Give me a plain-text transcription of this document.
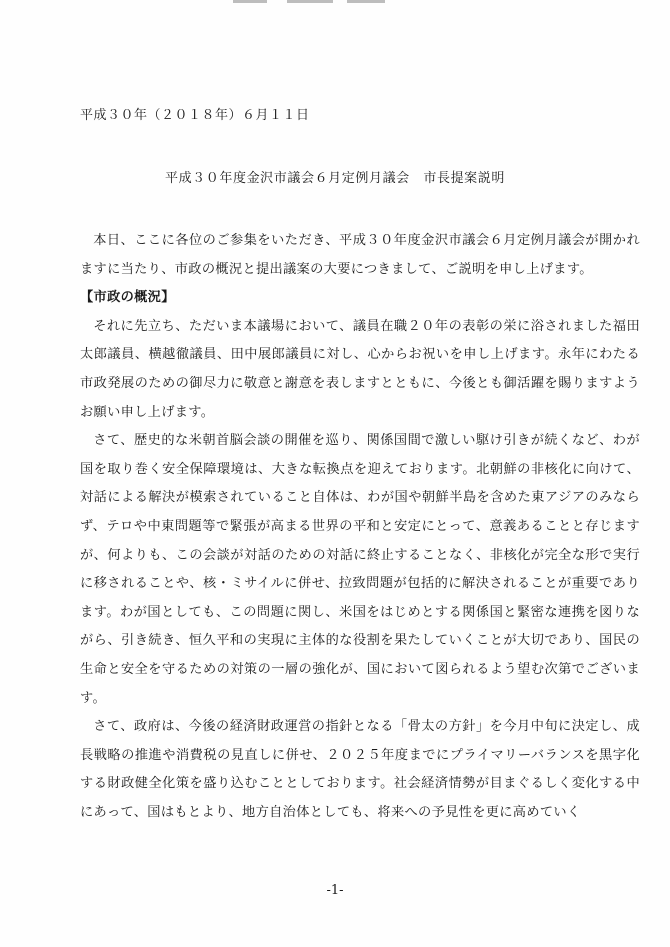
平成３０年（２０１８年）６月１１日
平成３０年度金沢市議会６月定例月議会　市長提案説明

本日、ここに各位のご参集をいただき、平成３０年度金沢市議会６月定例月議会が開かれますに当たり、市政の概況と提出議案の大要につきまして、ご説明を申し上げます。

【市政の概況】

それに先立ち、ただいま本議場において、議員在職２０年の表彰の栄に浴されました福田太郎議員、横越徹議員、田中展郎議員に対し、心からお祝いを申し上げます。永年にわたる市政発展のための御尽力に敬意と謝意を表しますとともに、今後とも御活躍を賜りますようお願い申し上げます。

さて、歴史的な米朝首脳会談の開催を巡り、関係国間で激しい駆け引きが続くなど、わが国を取り巻く安全保障環境は、大きな転換点を迎えております。北朝鮮の非核化に向けて、対話による解決が模索されていること自体は、わが国や朝鮮半島を含めた東アジアのみならず、テロや中東問題等で緊張が高まる世界の平和と安定にとって、意義あることと存じますが、何よりも、この会談が対話のための対話に終止することなく、非核化が完全な形で実行に移されることや、核・ミサイルに併せ、拉致問題が包括的に解決されることが重要であります。わが国としても、この問題に関し、米国をはじめとする関係国と緊密な連携を図りながら、引き続き、恒久平和の実現に主体的な役割を果たしていくことが大切であり、国民の生命と安全を守るための対策の一層の強化が、国において図られるよう望む次第でございます。

さて、政府は、今後の経済財政運営の指針となる「骨太の方針」を今月中旬に決定し、成長戦略の推進や消費税の見直しに併せ、２０２５年度までにプライマリーバランスを黒字化する財政健全化策を盛り込むこととしております。社会経済情勢が目まぐるしく変化する中にあって、国はもとより、地方自治体としても、将来への予見性を更に高めていく

-1-
